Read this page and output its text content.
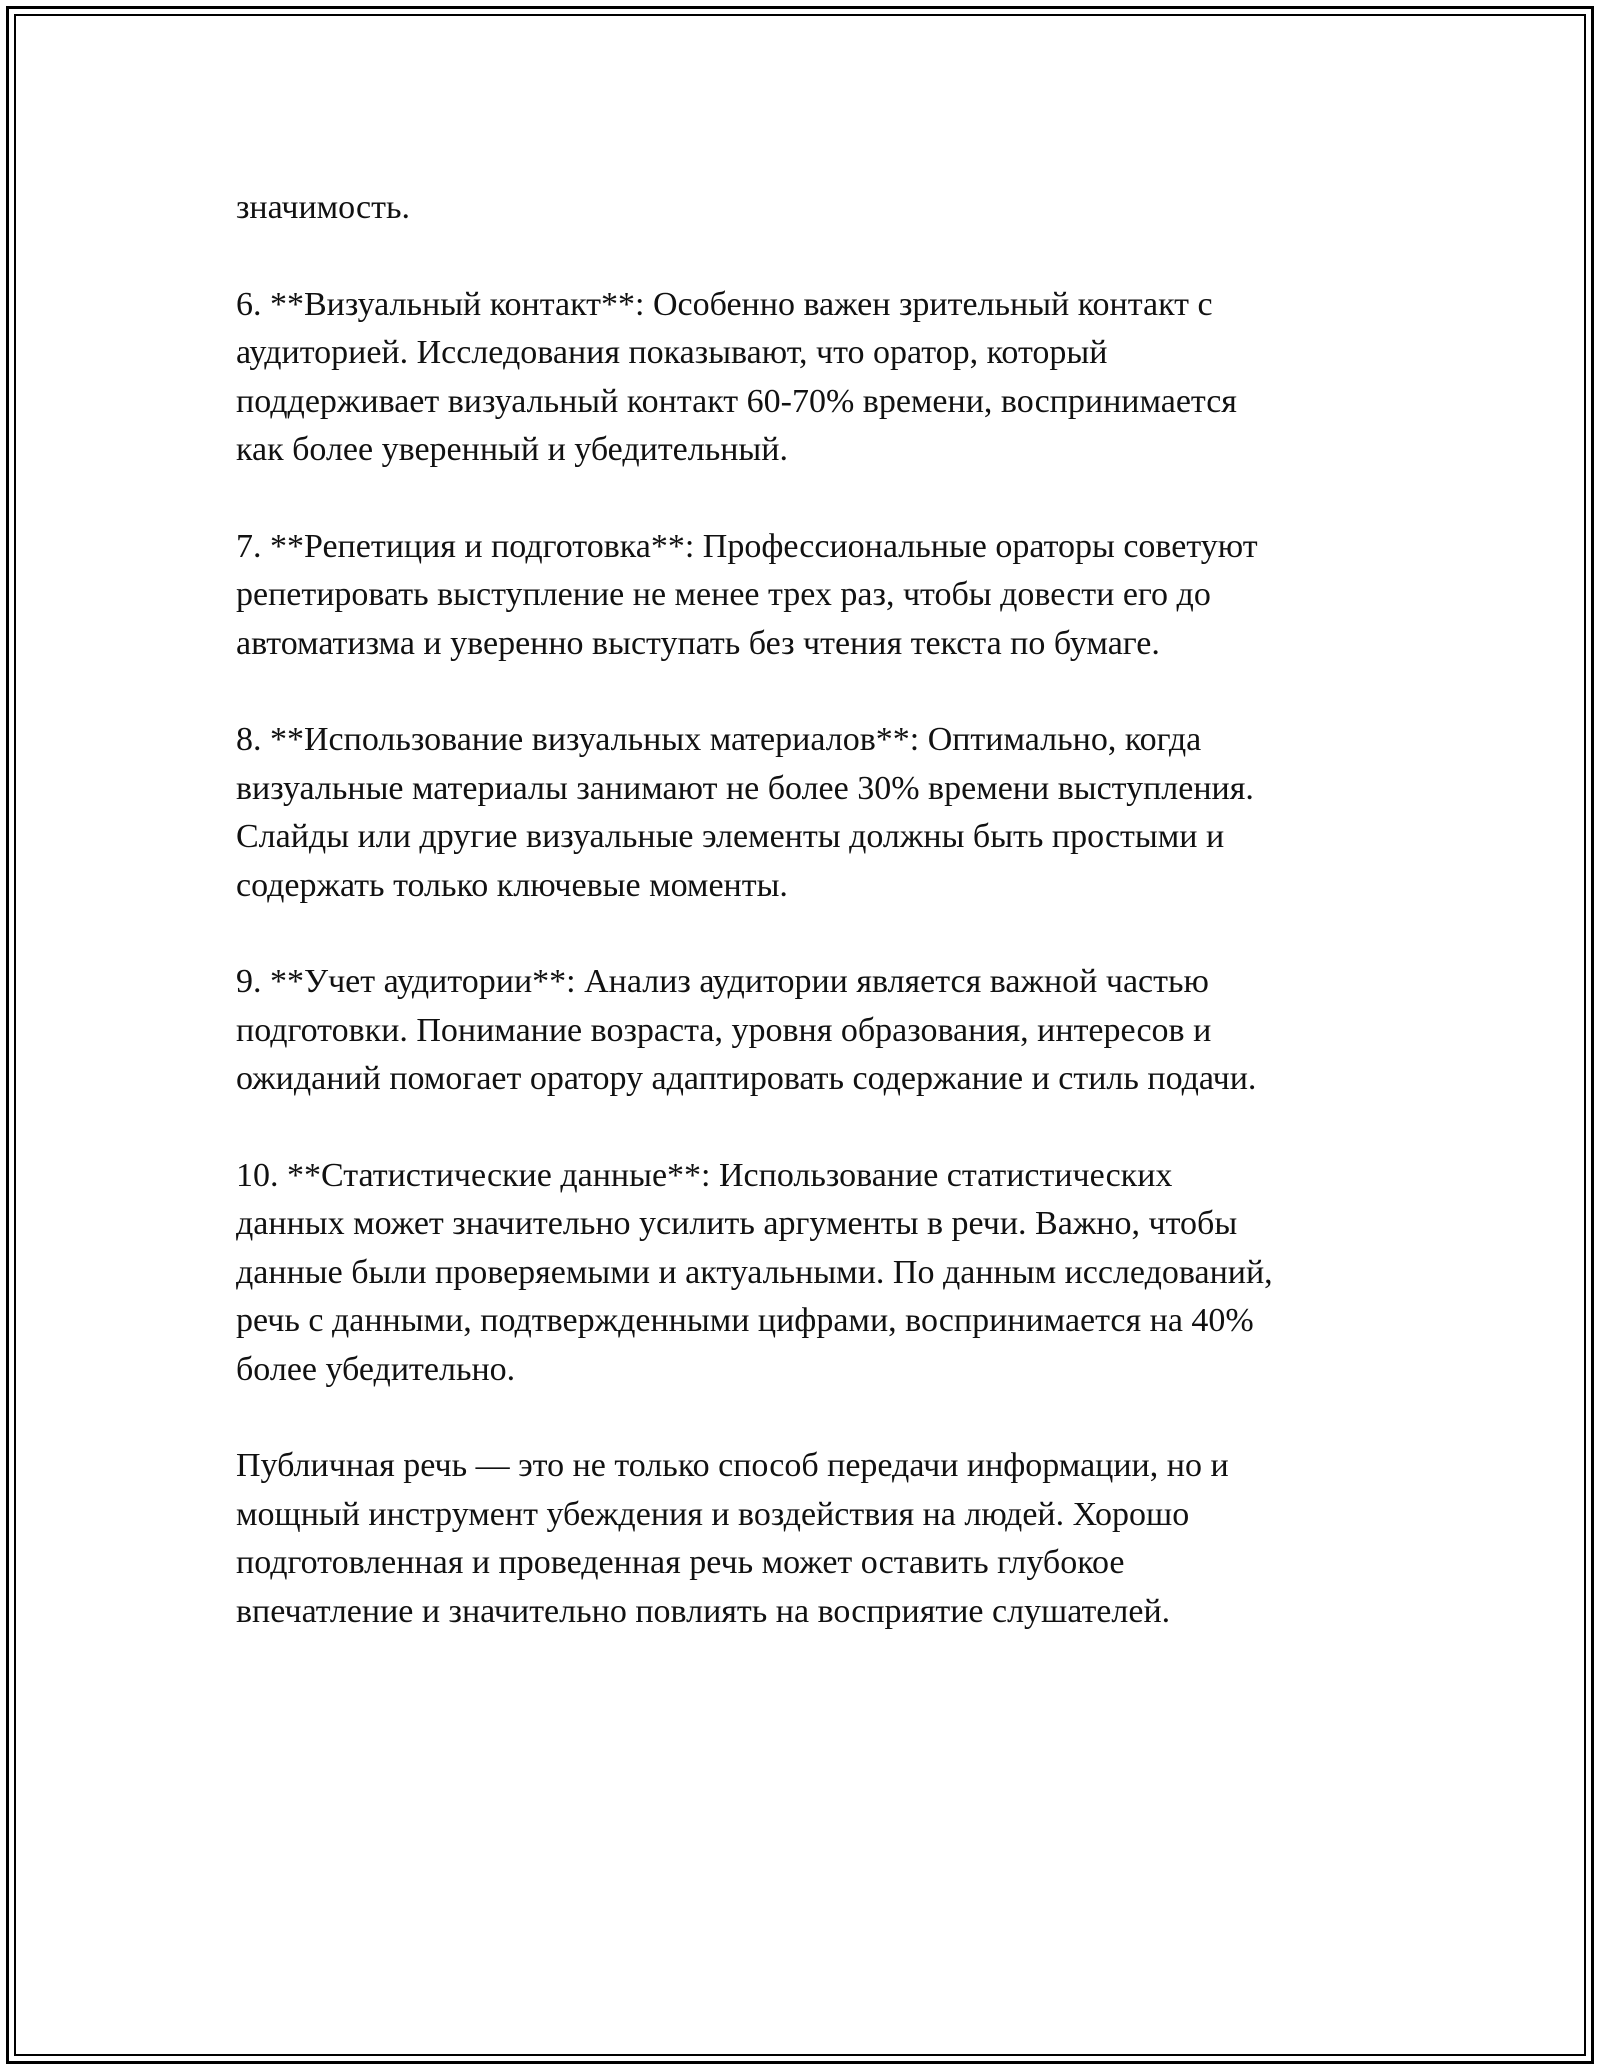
значимость.

6. **Визуальный контакт**: Особенно важен зрительный контакт с
аудиторией. Исследования показывают, что оратор, который
поддерживает визуальный контакт 60-70% времени, воспринимается
как более уверенный и убедительный.

7. **Репетиция и подготовка**: Профессиональные ораторы советуют
репетировать выступление не менее трех раз, чтобы довести его до
автоматизма и уверенно выступать без чтения текста по бумаге.

8. **Использование визуальных материалов**: Оптимально, когда
визуальные материалы занимают не более 30% времени выступления.
Слайды или другие визуальные элементы должны быть простыми и
содержать только ключевые моменты.

9. **Учет аудитории**: Анализ аудитории является важной частью
подготовки. Понимание возраста, уровня образования, интересов и
ожиданий помогает оратору адаптировать содержание и стиль подачи.

10. **Статистические данные**: Использование статистических
данных может значительно усилить аргументы в речи. Важно, чтобы
данные были проверяемыми и актуальными. По данным исследований,
речь с данными, подтвержденными цифрами, воспринимается на 40%
более убедительно.

Публичная речь — это не только способ передачи информации, но и
мощный инструмент убеждения и воздействия на людей. Хорошо
подготовленная и проведенная речь может оставить глубокое
впечатление и значительно повлиять на восприятие слушателей.
